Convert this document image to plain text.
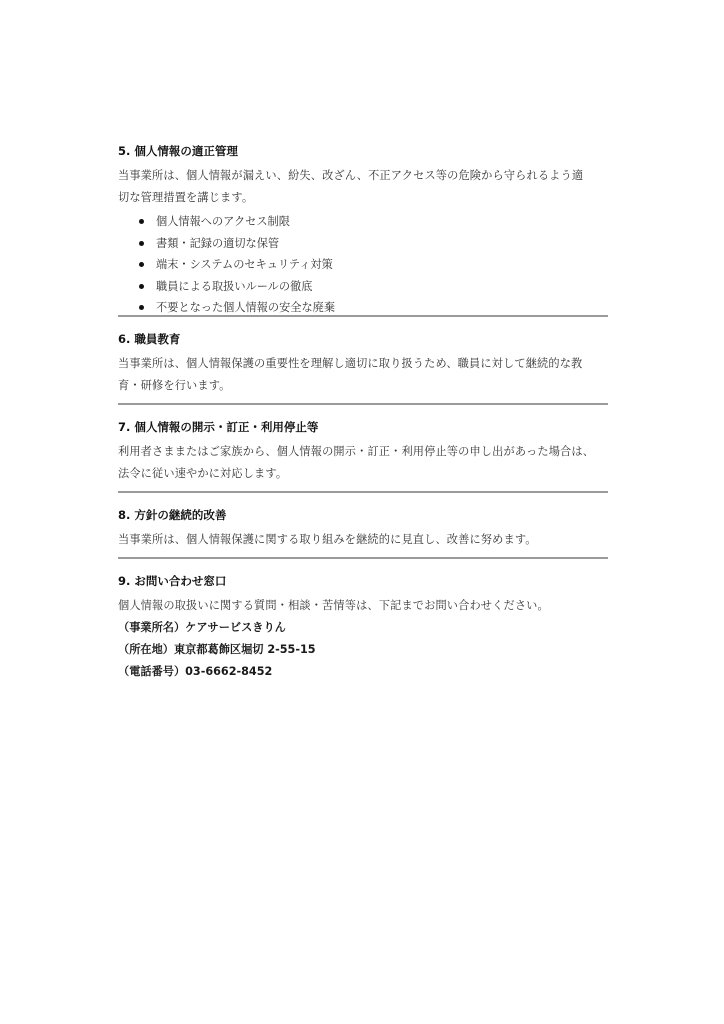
5. 個人情報の適正管理

当事業所は、個人情報が漏えい、紛失、改ざん、不正アクセス等の危険から守られるよう適

切な管理措置を講じます。

個人情報へのアクセス制限
書類・記録の適切な保管
端末・システムのセキュリティ対策
職員による取扱いルールの徹底
不要となった個人情報の安全な廃棄
6. 職員教育

当事業所は、個人情報保護の重要性を理解し適切に取り扱うため、職員に対して継続的な教

育・研修を行います。

7. 個人情報の開示・訂正・利用停止等

利用者さままたはご家族から、個人情報の開示・訂正・利用停止等の申し出があった場合は、

法令に従い速やかに対応します。

8. 方針の継続的改善

当事業所は、個人情報保護に関する取り組みを継続的に見直し、改善に努めます。

9. お問い合わせ窓口

個人情報の取扱いに関する質問・相談・苦情等は、下記までお問い合わせください。

（事業所名）ケアサービスきりん

（所在地）東京都葛飾区堀切 2-55-15

（電話番号）03-6662-8452
